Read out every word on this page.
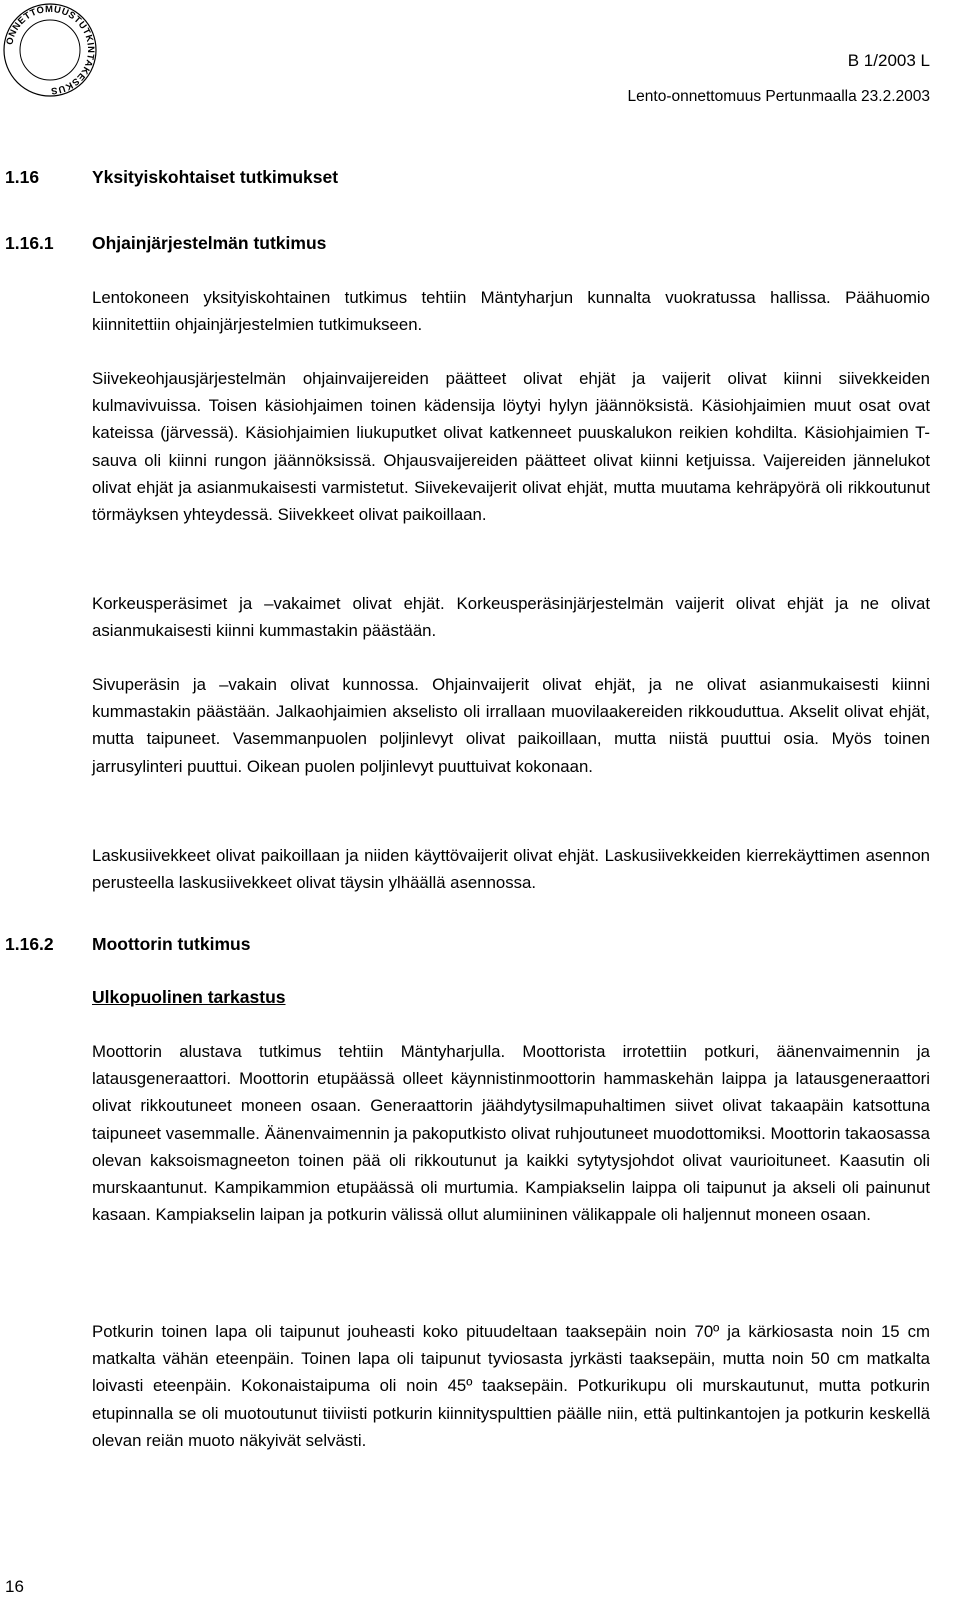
ONNETTOMUUSTUTKINTAKESKUS
B 1/2003 L
Lento-onnettomuus Pertunmaalla 23.2.2003
1.16	Yksityiskohtaiset tutkimukset
1.16.1 Ohjainjärjestelmän tutkimus

Lentokoneen yksityiskohtainen tutkimus tehtiin Mäntyharjun kunnalta vuokratussa hallissa. Päähuomio kiinnitettiin ohjainjärjestelmien tutkimukseen.

Siivekeohjausjärjestelmän ohjainvaijereiden päätteet olivat ehjät ja vaijerit olivat kiinni siivekkeiden kulmavivuissa. Toisen käsiohjaimen toinen kädensija löytyi hylyn jäännöksistä. Käsiohjaimien muut osat ovat kateissa (järvessä). Käsiohjaimien liukuputket olivat katkenneet puuskalukon reikien kohdilta. Käsiohjaimien T-sauva oli kiinni rungon jäännöksissä. Ohjausvaijereiden päätteet olivat kiinni ketjuissa. Vaijereiden jännelukot olivat ehjät ja asianmukaisesti varmistetut. Siivekevaijerit olivat ehjät, mutta muutama kehräpyörä oli rikkoutunut törmäyksen yhteydessä. Siivekkeet olivat paikoillaan.

Korkeusperäsimet ja –vakaimet olivat ehjät. Korkeusperäsinjärjestelmän vaijerit olivat ehjät ja ne olivat asianmukaisesti kiinni kummastakin päästään.

Sivuperäsin ja –vakain olivat kunnossa. Ohjainvaijerit olivat ehjät, ja ne olivat asianmukaisesti kiinni kummastakin päästään. Jalkaohjaimien akselisto oli irrallaan muovilaakereiden rikkouduttua. Akselit olivat ehjät, mutta taipuneet. Vasemmanpuolen poljinlevyt olivat paikoillaan, mutta niistä puuttui osia. Myös toinen jarrusylinteri puuttui. Oikean puolen poljinlevyt puuttuivat kokonaan.

Laskusiivekkeet olivat paikoillaan ja niiden käyttövaijerit olivat ehjät. Laskusiivekkeiden kierrekäyttimen asennon perusteella laskusiivekkeet olivat täysin ylhäällä asennossa.

1.16.2 Moottorin tutkimus
Ulkopuolinen tarkastus

Moottorin alustava tutkimus tehtiin Mäntyharjulla. Moottorista irrotettiin potkuri, äänenvaimennin ja latausgeneraattori. Moottorin etupäässä olleet käynnistinmoottorin hammaskehän laippa ja latausgeneraattori olivat rikkoutuneet moneen osaan. Generaattorin jäähdytysilmapuhaltimen siivet olivat takaapäin katsottuna taipuneet vasemmalle. Äänenvaimennin ja pakoputkisto olivat ruhjoutuneet muodottomiksi. Moottorin takaosassa olevan kaksoismagneeton toinen pää oli rikkoutunut ja kaikki sytytysjohdot olivat vaurioituneet. Kaasutin oli murskaantunut. Kampikammion etupäässä oli murtumia. Kampiakselin laippa oli taipunut ja akseli oli painunut kasaan. Kampiakselin laipan ja potkurin välissä ollut alumiininen välikappale oli haljennut moneen osaan.

Potkurin toinen lapa oli taipunut jouheasti koko pituudeltaan taaksepäin noin 70º ja kärkiosasta noin 15 cm matkalta vähän eteenpäin. Toinen lapa oli taipunut tyviosasta jyrkästi taaksepäin, mutta noin 50 cm matkalta loivasti eteenpäin. Kokonaistaipuma oli noin 45º taaksepäin. Potkurikupu oli murskautunut, mutta potkurin etupinnalla se oli muotoutunut tiiviisti potkurin kiinnityspulttien päälle niin, että pultinkantojen ja potkurin keskellä olevan reiän muoto näkyivät selvästi.

16
